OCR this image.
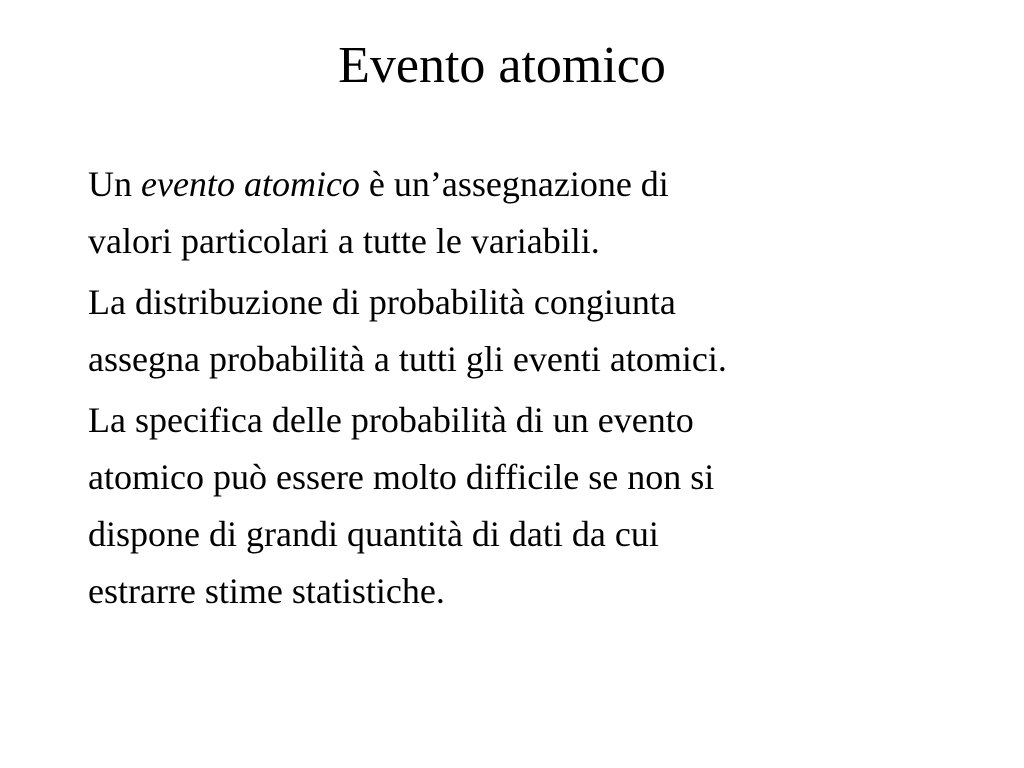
Evento atomico

Un evento atomico è un’assegnazione di
valori particolari a tutte le variabili.

La distribuzione di probabilità congiunta
assegna probabilità a tutti gli eventi atomici.

La specifica delle probabilità di un evento
atomico può essere molto difficile se non si
dispone di grandi quantità di dati da cui
estrarre stime statistiche.
